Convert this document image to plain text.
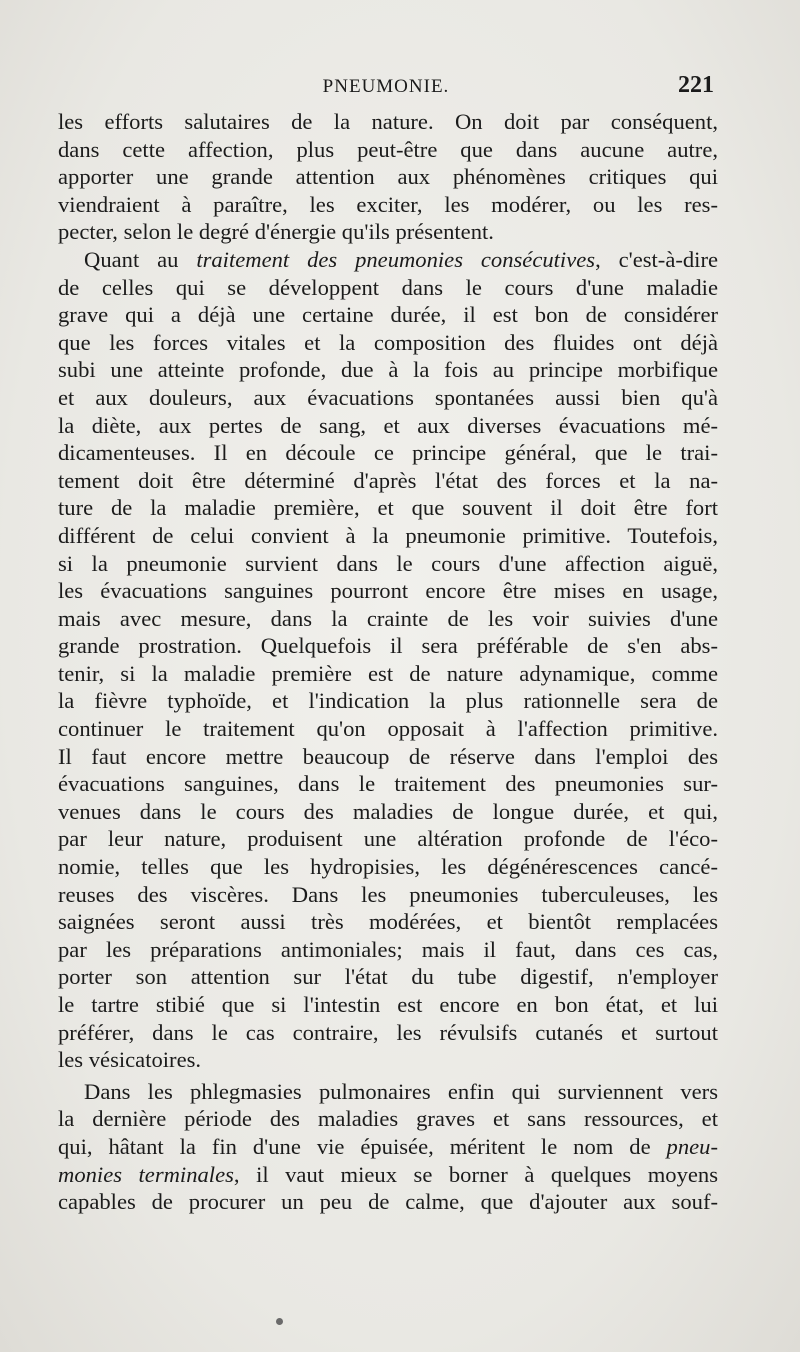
PNEUMONIE.	221
les efforts salutaires de la nature. On doit par conséquent,
dans cette affection, plus peut-être que dans aucune autre,
apporter une grande attention aux phénomènes critiques qui
viendraient à paraître, les exciter, les modérer, ou les res-
pecter, selon le degré d'énergie qu'ils présentent.
Quant au traitement des pneumonies consécutives, c'est-à-dire
de celles qui se développent dans le cours d'une maladie
grave qui a déjà une certaine durée, il est bon de considérer
que les forces vitales et la composition des fluides ont déjà
subi une atteinte profonde, due à la fois au principe morbifique
et aux douleurs, aux évacuations spontanées aussi bien qu'à
la diète, aux pertes de sang, et aux diverses évacuations mé-
dicamenteuses. Il en découle ce principe général, que le trai-
tement doit être déterminé d'après l'état des forces et la na-
ture de la maladie première, et que souvent il doit être fort
différent de celui convient à la pneumonie primitive. Toutefois,
si la pneumonie survient dans le cours d'une affection aiguë,
les évacuations sanguines pourront encore être mises en usage,
mais avec mesure, dans la crainte de les voir suivies d'une
grande prostration. Quelquefois il sera préférable de s'en abs-
tenir, si la maladie première est de nature adynamique, comme
la fièvre typhoïde, et l'indication la plus rationnelle sera de
continuer le traitement qu'on opposait à l'affection primitive.
Il faut encore mettre beaucoup de réserve dans l'emploi des
évacuations sanguines, dans le traitement des pneumonies sur-
venues dans le cours des maladies de longue durée, et qui,
par leur nature, produisent une altération profonde de l'éco-
nomie, telles que les hydropisies, les dégénérescences cancé-
reuses des viscères. Dans les pneumonies tuberculeuses, les
saignées seront aussi très modérées, et bientôt remplacées
par les préparations antimoniales; mais il faut, dans ces cas,
porter son attention sur l'état du tube digestif, n'employer
le tartre stibié que si l'intestin est encore en bon état, et lui
préférer, dans le cas contraire, les révulsifs cutanés et surtout
les vésicatoires.
Dans les phlegmasies pulmonaires enfin qui surviennent vers
la dernière période des maladies graves et sans ressources, et
qui, hâtant la fin d'une vie épuisée, méritent le nom de pneu-
monies terminales, il vaut mieux se borner à quelques moyens
capables de procurer un peu de calme, que d'ajouter aux souf-
